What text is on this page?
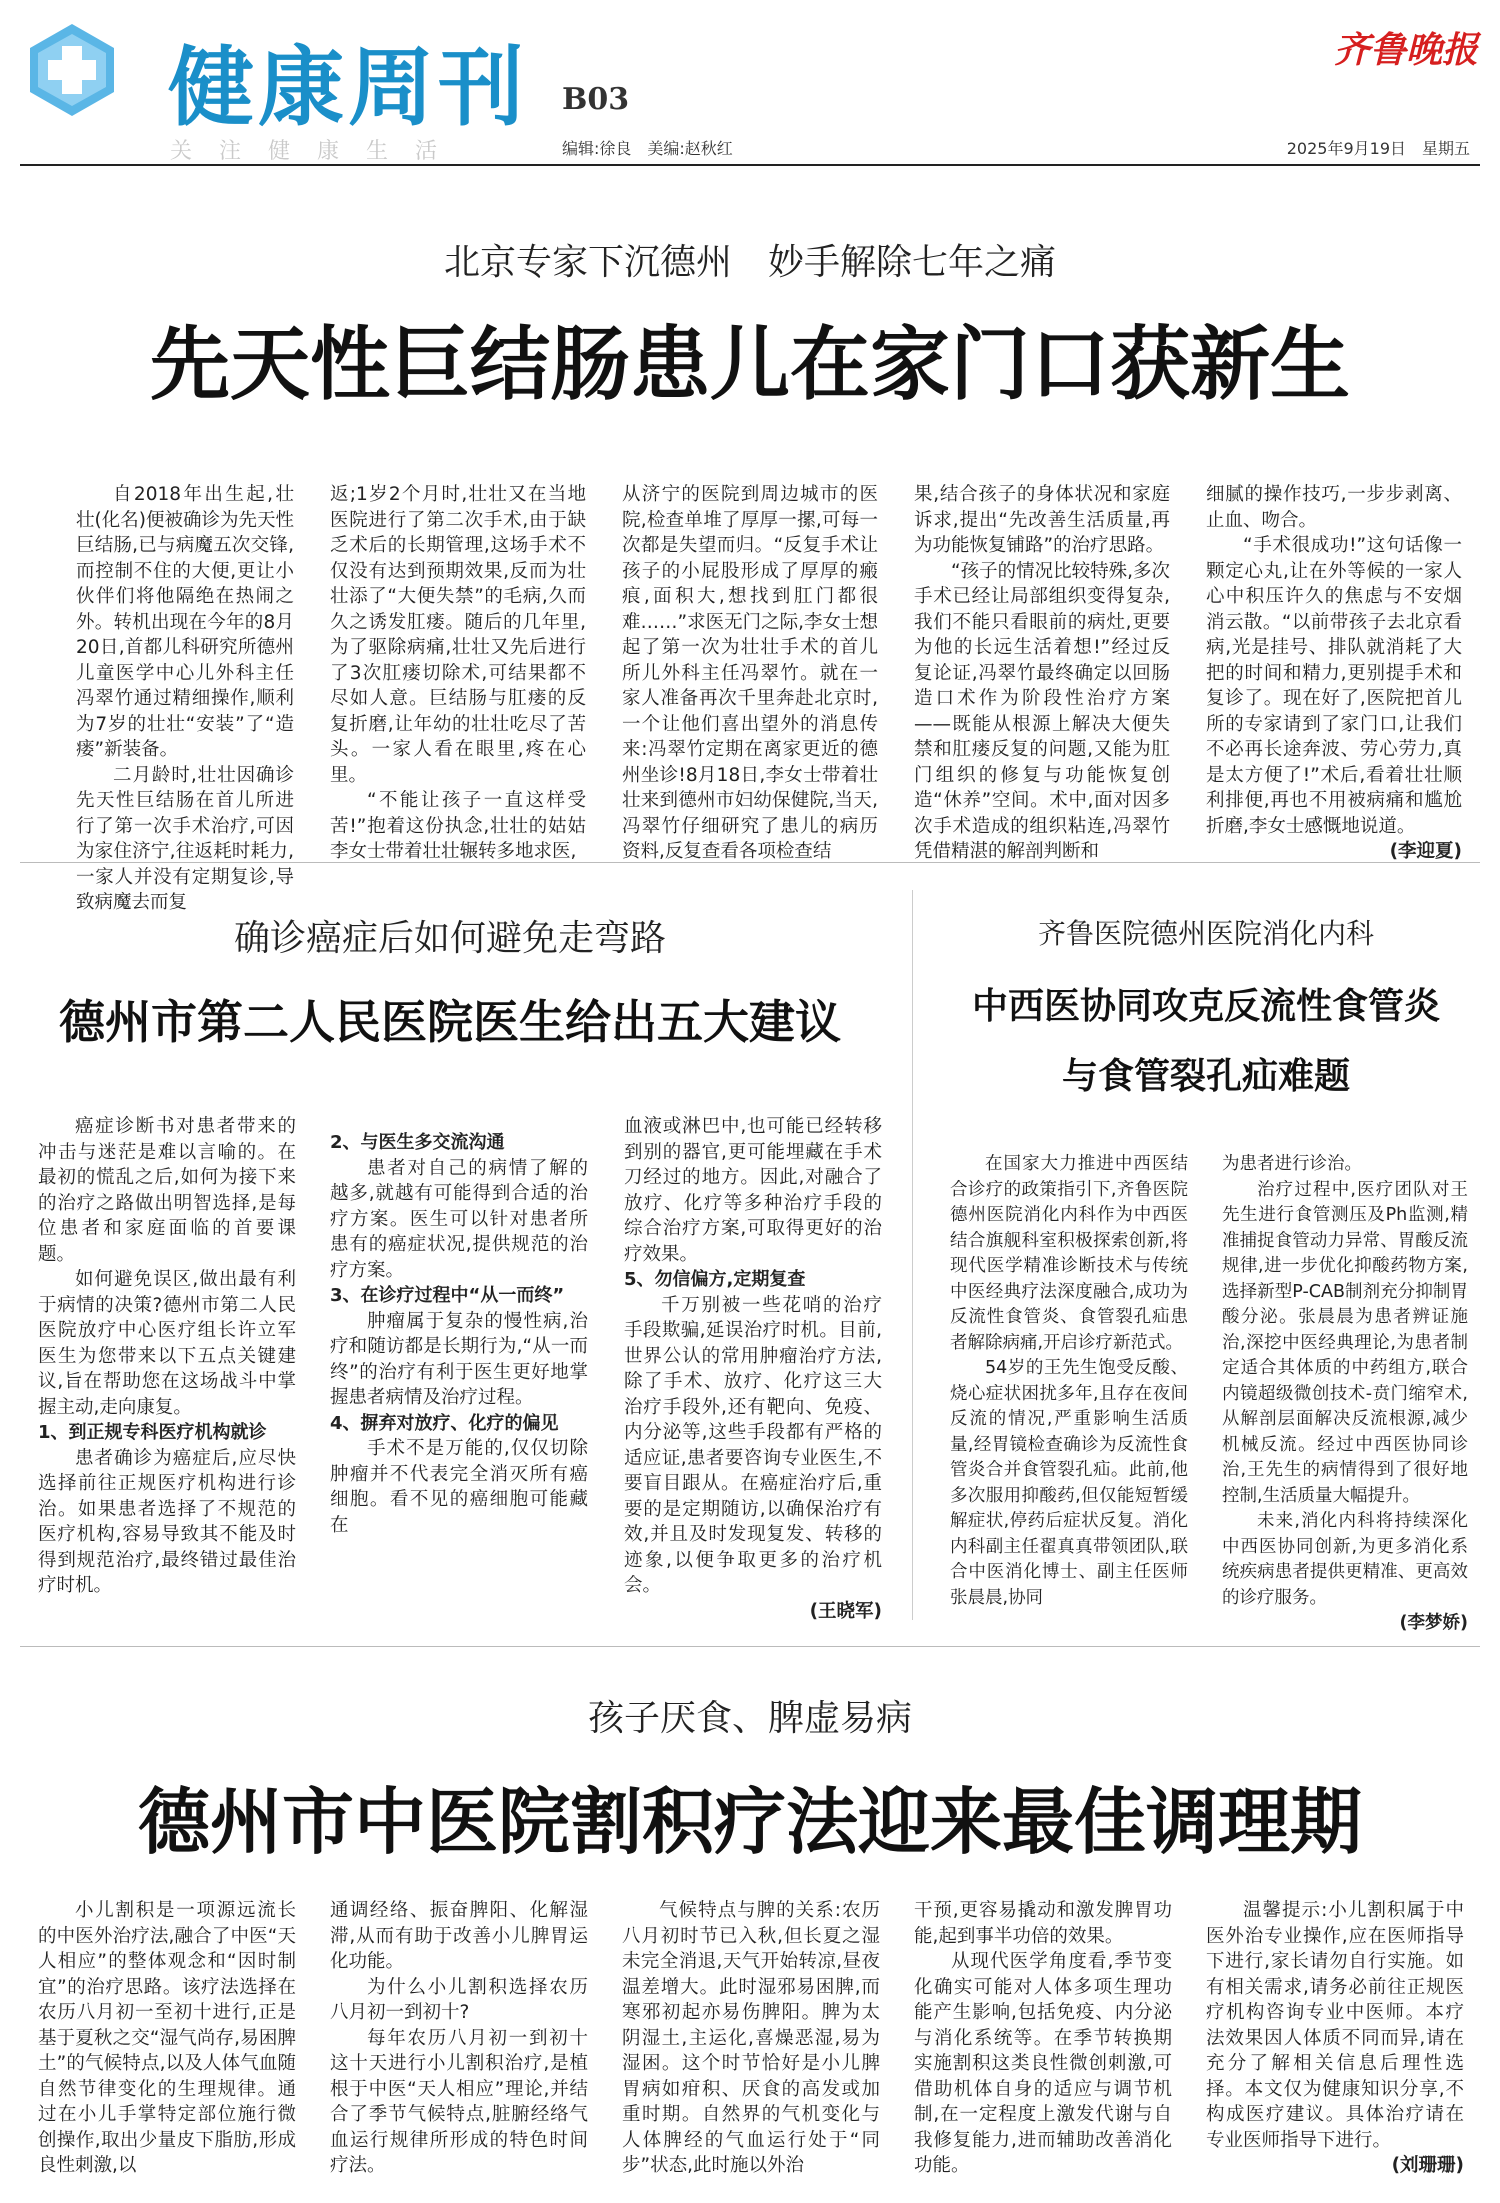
健康周刊 B03
关注健康生活	编辑:徐良　美编:赵秋红
齐鲁晚报
2025年9月19日　星期五
北京专家下沉德州　妙手解除七年之痛
先天性巨结肠患儿在家门口获新生

自2018年出生起,壮壮(化名)便被确诊为先天性巨结肠,已与病魔五次交锋,而控制不住的大便,更让小伙伴们将他隔绝在热闹之外。转机出现在今年的8月20日,首都儿科研究所德州儿童医学中心儿外科主任冯翠竹通过精细操作,顺利为7岁的壮壮“安装”了“造瘘”新装备。

二月龄时,壮壮因确诊先天性巨结肠在首儿所进行了第一次手术治疗,可因为家住济宁,往返耗时耗力,一家人并没有定期复诊,导致病魔去而复

返;1岁2个月时,壮壮又在当地医院进行了第二次手术,由于缺乏术后的长期管理,这场手术不仅没有达到预期效果,反而为壮壮添了“大便失禁”的毛病,久而久之诱发肛瘘。随后的几年里,为了驱除病痛,壮壮又先后进行了3次肛瘘切除术,可结果都不尽如人意。巨结肠与肛瘘的反复折磨,让年幼的壮壮吃尽了苦头。一家人看在眼里,疼在心里。

“不能让孩子一直这样受苦!”抱着这份执念,壮壮的姑姑李女士带着壮壮辗转多地求医,

从济宁的医院到周边城市的医院,检查单堆了厚厚一摞,可每一次都是失望而归。“反复手术让孩子的小屁股形成了厚厚的瘢痕,面积大,想找到肛门都很难……”求医无门之际,李女士想起了第一次为壮壮手术的首儿所儿外科主任冯翠竹。就在一家人准备再次千里奔赴北京时,一个让他们喜出望外的消息传来:冯翠竹定期在离家更近的德州坐诊!8月18日,李女士带着壮壮来到德州市妇幼保健院,当天,冯翠竹仔细研究了患儿的病历资料,反复查看各项检查结

果,结合孩子的身体状况和家庭诉求,提出“先改善生活质量,再为功能恢复铺路”的治疗思路。

“孩子的情况比较特殊,多次手术已经让局部组织变得复杂,我们不能只看眼前的病灶,更要为他的长远生活着想!”经过反复论证,冯翠竹最终确定以回肠造口术作为阶段性治疗方案——既能从根源上解决大便失禁和肛瘘反复的问题,又能为肛门组织的修复与功能恢复创造“休养”空间。术中,面对因多次手术造成的组织粘连,冯翠竹凭借精湛的解剖判断和

细腻的操作技巧,一步步剥离、止血、吻合。

“手术很成功!”这句话像一颗定心丸,让在外等候的一家人心中积压许久的焦虑与不安烟消云散。“以前带孩子去北京看病,光是挂号、排队就消耗了大把的时间和精力,更别提手术和复诊了。现在好了,医院把首儿所的专家请到了家门口,让我们不必再长途奔波、劳心劳力,真是太方便了!”术后,看着壮壮顺利排便,再也不用被病痛和尴尬折磨,李女士感慨地说道。

(李迎夏)
确诊癌症后如何避免走弯路
德州市第二人民医院医生给出五大建议

癌症诊断书对患者带来的冲击与迷茫是难以言喻的。在最初的慌乱之后,如何为接下来的治疗之路做出明智选择,是每位患者和家庭面临的首要课题。

如何避免误区,做出最有利于病情的决策?德州市第二人民医院放疗中心医疗组长许立军医生为您带来以下五点关键建议,旨在帮助您在这场战斗中掌握主动,走向康复。

1、到正规专科医疗机构就诊

患者确诊为癌症后,应尽快选择前往正规医疗机构进行诊治。如果患者选择了不规范的医疗机构,容易导致其不能及时得到规范治疗,最终错过最佳治疗时机。

2、与医生多交流沟通

患者对自己的病情了解的越多,就越有可能得到合适的治疗方案。医生可以针对患者所患有的癌症状况,提供规范的治疗方案。

3、在诊疗过程中“从一而终”

肿瘤属于复杂的慢性病,治疗和随访都是长期行为,“从一而终”的治疗有利于医生更好地掌握患者病情及治疗过程。

4、摒弃对放疗、化疗的偏见

手术不是万能的,仅仅切除肿瘤并不代表完全消灭所有癌细胞。看不见的癌细胞可能藏在

血液或淋巴中,也可能已经转移到别的器官,更可能埋藏在手术刀经过的地方。因此,对融合了放疗、化疗等多种治疗手段的综合治疗方案,可取得更好的治疗效果。

5、勿信偏方,定期复查

千万别被一些花哨的治疗手段欺骗,延误治疗时机。目前,世界公认的常用肿瘤治疗方法,除了手术、放疗、化疗这三大治疗手段外,还有靶向、免疫、内分泌等,这些手段都有严格的适应证,患者要咨询专业医生,不要盲目跟从。在癌症治疗后,重要的是定期随访,以确保治疗有效,并且及时发现复发、转移的迹象,以便争取更多的治疗机会。

(王晓军)
齐鲁医院德州医院消化内科
中西医协同攻克反流性食管炎
与食管裂孔疝难题

在国家大力推进中西医结合诊疗的政策指引下,齐鲁医院德州医院消化内科作为中西医结合旗舰科室积极探索创新,将现代医学精准诊断技术与传统中医经典疗法深度融合,成功为反流性食管炎、食管裂孔疝患者解除病痛,开启诊疗新范式。

54岁的王先生饱受反酸、烧心症状困扰多年,且存在夜间反流的情况,严重影响生活质量,经胃镜检查确诊为反流性食管炎合并食管裂孔疝。此前,他多次服用抑酸药,但仅能短暂缓解症状,停药后症状反复。消化内科副主任翟真真带领团队,联合中医消化博士、副主任医师张晨晨,协同

为患者进行诊治。

治疗过程中,医疗团队对王先生进行食管测压及Ph监测,精准捕捉食管动力异常、胃酸反流规律,进一步优化抑酸药物方案,选择新型P-CAB制剂充分抑制胃酸分泌。张晨晨为患者辨证施治,深挖中医经典理论,为患者制定适合其体质的中药组方,联合内镜超级微创技术-贲门缩窄术,从解剖层面解决反流根源,减少机械反流。经过中西医协同诊治,王先生的病情得到了很好地控制,生活质量大幅提升。

未来,消化内科将持续深化中西医协同创新,为更多消化系统疾病患者提供更精准、更高效的诊疗服务。

(李梦娇)
孩子厌食、脾虚易病
德州市中医院割积疗法迎来最佳调理期

小儿割积是一项源远流长的中医外治疗法,融合了中医“天人相应”的整体观念和“因时制宜”的治疗思路。该疗法选择在农历八月初一至初十进行,正是基于夏秋之交“湿气尚存,易困脾土”的气候特点,以及人体气血随自然节律变化的生理规律。通过在小儿手掌特定部位施行微创操作,取出少量皮下脂肪,形成良性刺激,以

通调经络、振奋脾阳、化解湿滞,从而有助于改善小儿脾胃运化功能。

为什么小儿割积选择农历八月初一到初十?

每年农历八月初一到初十这十天进行小儿割积治疗,是植根于中医“天人相应”理论,并结合了季节气候特点,脏腑经络气血运行规律所形成的特色时间疗法。

气候特点与脾的关系:农历八月初时节已入秋,但长夏之湿未完全消退,天气开始转凉,昼夜温差增大。此时湿邪易困脾,而寒邪初起亦易伤脾阳。脾为太阴湿土,主运化,喜燥恶湿,易为湿困。这个时节恰好是小儿脾胃病如疳积、厌食的高发或加重时期。自然界的气机变化与人体脾经的气血运行处于“同步”状态,此时施以外治

干预,更容易撬动和激发脾胃功能,起到事半功倍的效果。

从现代医学角度看,季节变化确实可能对人体多项生理功能产生影响,包括免疫、内分泌与消化系统等。在季节转换期实施割积这类良性微创刺激,可借助机体自身的适应与调节机制,在一定程度上激发代谢与自我修复能力,进而辅助改善消化功能。

温馨提示:小儿割积属于中医外治专业操作,应在医师指导下进行,家长请勿自行实施。如有相关需求,请务必前往正规医疗机构咨询专业中医师。本疗法效果因人体质不同而异,请在充分了解相关信息后理性选择。本文仅为健康知识分享,不构成医疗建议。具体治疗请在专业医师指导下进行。

(刘珊珊)
